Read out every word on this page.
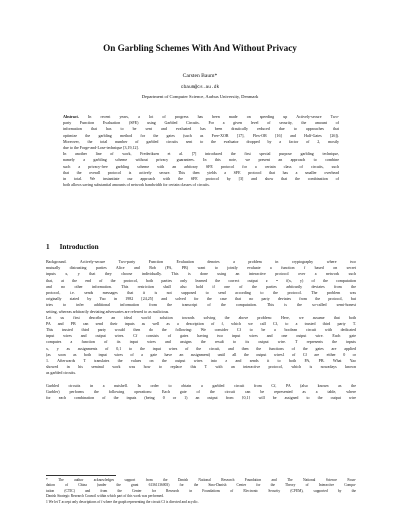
On Garbling Schemes With And Without Privacy
Carsten Baum*
cbaum@cs.au.dk
Department of Computer Science, Aarhus University, Denmark
Abstract. In recent years, a lot of progress has been made on speeding up Actively-secure Two-
party Function Evaluation (SFE) using Garbled Circuits. For a given level of security, the amount of
information that has to be sent and evaluated has been drastically reduced due to approaches that
optimize the garbling method for the gates (such as Free-XOR [17], Flex-OR [16] and Half-Gates [26]).
Moreover, the total number of garbled circuits sent to the evaluator dropped by a factor of 2, mostly
due to the Forge-and-Lose-technique [3,19,12].
In another line of work, Frederiksen et al. [7] introduced the first special purpose garbling technique,
namely a garbling scheme without privacy guarantees. In this note, we present an approach to combine
such a privacy-free garbling scheme with an arbitrary SFE protocol for a certain class of circuits, such
that the overall protocol is actively secure. This then yields a SFE protocol that has a smaller overhead
in total. We instantiate our approach with the SFE protocol by [3] and show that the combination of
both allows saving substantial amounts of network bandwidth for certain classes of circuits.
1 Introduction
Background. Actively-secure Two-party Function Evaluation denotes a problem in cryptography where two
mutually distrusting parties Alice and Bob (PA, PB) want to jointly evaluate a function f based on secret
inputs x, y that they choose individually. This is done using an interactive protocol over a network such
that, at the end of the protocol, both parties only learned the correct output z = f(x, y) of the computation
and no other information. This restriction shall also hold if one of the parties arbitrarily deviates from the
protocol, i.e. sends messages that it is not supposed to send according to the protocol. The problem was
originally stated by Yao in 1982 [24,25] and solved for the case that no party deviates from the protocol, but
tries to infer additional information from the transcript of the computation. This is the so-called semi-honest
setting, whereas arbitrarily deviating adversaries are referred to as malicious.
Let us first describe an ideal world solution towards solving the above problem: Here, we assume that both
PA and PB can send their inputs as well as a description of f, which we call Cf, to a trusted third party T.
This trusted third party would then do the following: We consider Cf to be a boolean circuit with dedicated
input wires and output wires. Cf consists of gates having two input wires and one output wire. Each gate
computes a function of its input wires and assigns the result to its output wire. T represents the inputs
x, y as assignments of 0,1 to the input wires of the circuit, and then the functions of the gates are applied
(as soon as both input wires of a gate have an assignment) until all the output wires1 of Cf are either 0 or
1. Afterwards T translates the values on the output wires into z and sends it to both PA, PB. What Yao
showed in his seminal work was how to replace this T with an interactive protocol, which is nowadays known
as garbled circuits.
Garbled circuits in a nutshell. In order to obtain a garbled circuit from Cf, PA (also known as the
Garbler) performs the following operations: Each gate of the circuit can be represented as a table, where
for each combination of the inputs (being 0 or 1) an output from {0,1} will be assigned to the output wire
* The author acknowledges support from the Danish National Research Foundation and The National Science Foun-
dation of China (under the grant 61361136003) for the Sino-Danish Center for the Theory of Interactive Compu-
tation (CTIC) and from the Center for Research in Foundations of Electronic Security (CFEM), supported by the
Danish Strategic Research Council within which part of this work was performed.
1 We let T accept only descriptions of f where the graph representing the circuit Cf is directed and acyclic.
